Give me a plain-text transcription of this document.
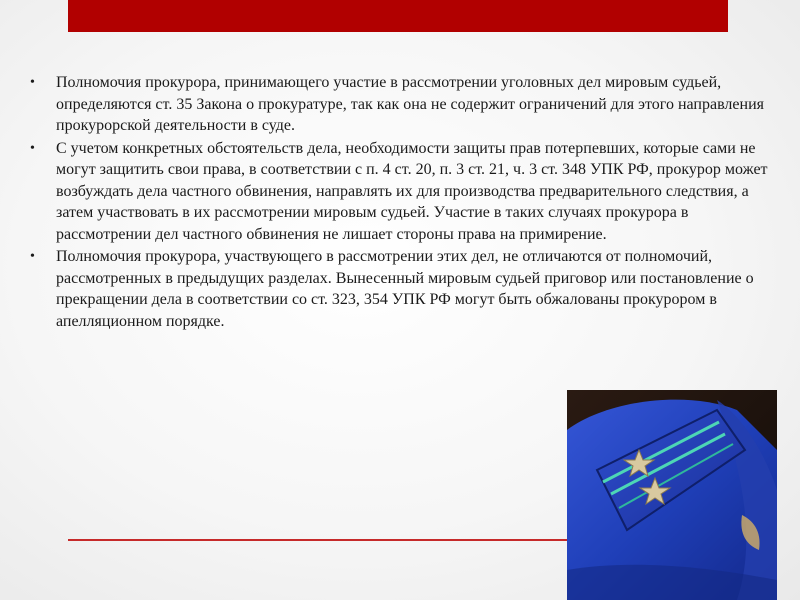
• Полномочия прокурора, принимающего участие в рассмотрении уголовных дел мировым судьей, определяются ст. 35 Закона о прокуратуре, так как она не содержит ограничений для этого направления прокурорской деятельности в суде.
• С учетом конкретных обстоятельств дела, необходимости защиты прав потерпевших, которые сами не могут защитить свои права, в соответствии с п. 4 ст. 20, п. 3 ст. 21, ч. 3 ст. 348 УПК РФ, прокурор может возбуждать дела частного обвинения, направлять их для производства предварительного следствия, а затем участвовать в их рассмотрении мировым судьей. Участие в таких случаях прокурора в рассмотрении дел частного обвинения не лишает стороны права на примирение.
• Полномочия прокурора, участвующего в рассмотрении этих дел, не отличаются от полномочий, рассмотренных в предыдущих разделах. Вынесенный мировым судьей приговор или постановление о прекращении дела в соответствии со ст. 323, 354 УПК РФ могут быть обжалованы прокурором в апелляционном порядке.
